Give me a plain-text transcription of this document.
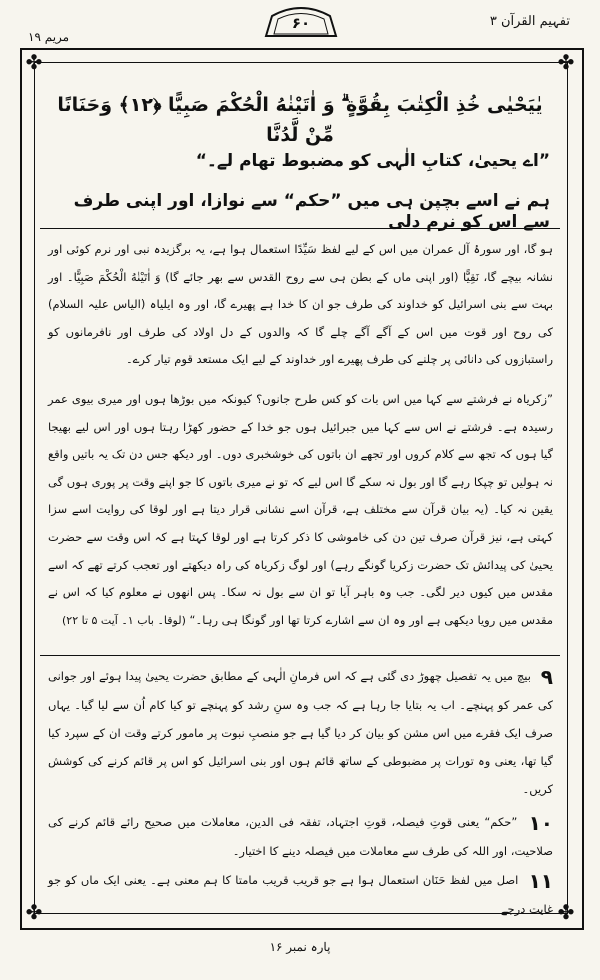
تفہیم القرآن ۳
۶۰
مریم ۱۹
✤	✤
✤	✤
يٰيَحْيٰى خُذِ الْكِتٰبَ بِقُوَّةٍ ۗ وَ اٰتَيْنٰهُ الْحُكْمَ صَبِيًّا ﴿١٢﴾ وَحَنَانًا مِّنْ لَّدُنَّا
”اے یحییٰ، کتابِ الٰہی کو مضبوط تھام لے۔“
ہم نے اسے بچپن ہی میں ”حکم“ سے نوازا، اور اپنی طرف سے اس کو نرم دلی
ہو گا، اور سورۂ آل عمران میں اس کے لیے لفظ سَیِّدًا استعمال ہوا ہے، یہ برگزیدہ نبی اور نرم کوئی اور نشانہ بیچے گا، نَقِیًّا (اور اپنی ماں کے بطن ہی سے روح القدس سے بھر جائے گا) وَ اٰتَیْنٰهُ الْحُكْمَ صَبِیًّا۔ اور بہت سے بنی اسرائیل کو خداوند کی طرف جو ان کا خدا ہے پھیرے گا، اور وہ ایلیاہ (الیاس علیہ السلام) کی روح اور قوت میں اس کے آگے آگے چلے گا کہ والدوں کے دل اولاد کی طرف اور نافرمانوں کو راستبازوں کی دانائی پر چلنے کی طرف پھیرے اور خداوند کے لیے ایک مستعد قوم تیار کرے۔
”زکریاہ نے فرشتے سے کہا میں اس بات کو کس طرح جانوں؟ کیونکہ میں بوڑھا ہوں اور میری بیوی عمر رسیدہ ہے۔ فرشتے نے اس سے کہا میں جبرائیل ہوں جو خدا کے حضور کھڑا رہتا ہوں اور اس لیے بھیجا گیا ہوں کہ تجھ سے کلام کروں اور تجھے ان باتوں کی خوشخبری دوں۔ اور دیکھ جس دن تک یہ باتیں واقع نہ ہولیں تو چپکا رہے گا اور بول نہ سکے گا اس لیے کہ تو نے میری باتوں کا جو اپنے وقت پر پوری ہوں گی یقین نہ کیا۔ (یہ بیان قرآن سے مختلف ہے، قرآن اسے نشانی قرار دیتا ہے اور لوقا کی روایت اسے سزا کہتی ہے، نیز قرآن صرف تین دن کی خاموشی کا ذکر کرتا ہے اور لوقا کہتا ہے کہ اس وقت سے حضرت یحییٰ کی پیدائش تک حضرت زکریا گونگے رہے) اور لوگ زکریاہ کی راہ دیکھتے اور تعجب کرتے تھے کہ اسے مقدس میں کیوں دیر لگی۔ جب وہ باہر آیا تو ان سے بول نہ سکا۔ پس انھوں نے معلوم کیا کہ اس نے مقدس میں رویا دیکھی ہے اور وہ ان سے اشارے کرتا تھا اور گونگا ہی رہا۔“ (لوقا۔ باب ۱۔ آیت ۵ تا ۲۲)
۹ بیچ میں یہ تفصیل چھوڑ دی گئی ہے کہ اس فرمانِ الٰہی کے مطابق حضرت یحییٰ پیدا ہوئے اور جوانی کی عمر کو پہنچے۔ اب یہ بتایا جا رہا ہے کہ جب وہ سنِ رشد کو پہنچے تو کیا کام اُن سے لیا گیا۔ یہاں صرف ایک فقرے میں اس مشن کو بیان کر دیا گیا ہے جو منصبِ نبوت پر مامور کرتے وقت ان کے سپرد کیا گیا تھا، یعنی وہ تورات پر مضبوطی کے ساتھ قائم ہوں اور بنی اسرائیل کو اس پر قائم کرنے کی کوشش کریں۔
۱۰ ”حکم“ یعنی قوتِ فیصلہ، قوتِ اجتہاد، تفقہ فی الدین، معاملات میں صحیح رائے قائم کرنے کی صلاحیت، اور اللہ کی طرف سے معاملات میں فیصلہ دینے کا اختیار۔
۱۱ اصل میں لفظ حَنَان استعمال ہوا ہے جو قریب قریب مامتا کا ہم معنی ہے۔ یعنی ایک ماں کو جو غایت درجے
پارہ نمبر ۱۶
